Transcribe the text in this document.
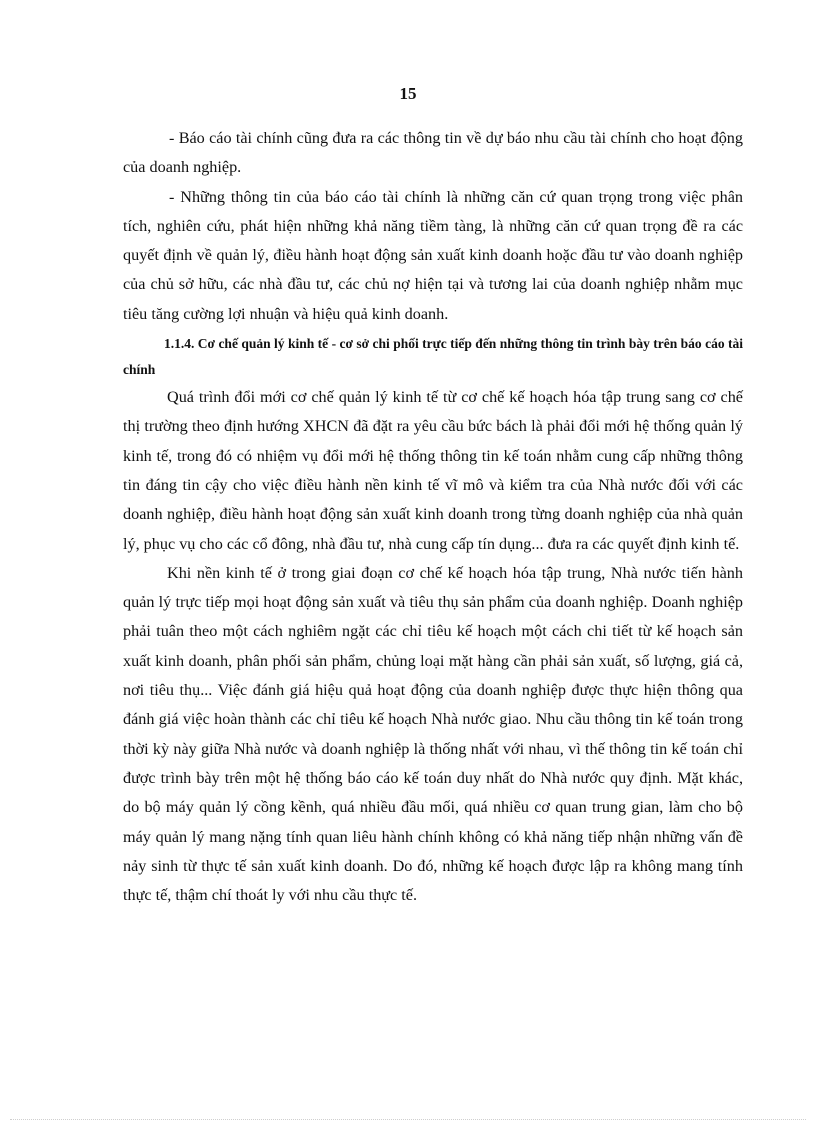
15

- Báo cáo tài chính cũng đưa ra các thông tin về dự báo nhu cầu tài chính cho hoạt động của doanh nghiệp.

- Những thông tin của báo cáo tài chính là những căn cứ quan trọng trong việc phân tích, nghiên cứu, phát hiện những khả năng tiềm tàng, là những căn cứ quan trọng đề ra các quyết định về quản lý, điều hành hoạt động sản xuất kinh doanh hoặc đầu tư vào doanh nghiệp của chủ sở hữu, các nhà đầu tư, các chủ nợ hiện tại và tương lai của doanh nghiệp nhằm mục tiêu tăng cường lợi nhuận và hiệu quả kinh doanh.

1.1.4. Cơ chế quản lý kinh tế - cơ sở chi phối trực tiếp đến những thông tin trình bày trên báo cáo tài chính

Quá trình đổi mới cơ chế quản lý kinh tế từ cơ chế kế hoạch hóa tập trung sang cơ chế thị trường theo định hướng XHCN đã đặt ra yêu cầu bức bách là phải đổi mới hệ thống quản lý kinh tế, trong đó có nhiệm vụ đổi mới hệ thống thông tin kế toán nhằm cung cấp những thông tin đáng tin cậy cho việc điều hành nền kinh tế vĩ mô và kiểm tra của Nhà nước đối với các doanh nghiệp, điều hành hoạt động sản xuất kinh doanh trong từng doanh nghiệp của nhà quản lý, phục vụ cho các cổ đông, nhà đầu tư, nhà cung cấp tín dụng... đưa ra các quyết định kinh tế.

Khi nền kinh tế ở trong giai đoạn cơ chế kế hoạch hóa tập trung, Nhà nước tiến hành quản lý trực tiếp mọi hoạt động sản xuất và tiêu thụ sản phẩm của doanh nghiệp. Doanh nghiệp phải tuân theo một cách nghiêm ngặt các chỉ tiêu kế hoạch một cách chi tiết từ kế hoạch sản xuất kinh doanh, phân phối sản phẩm, chủng loại mặt hàng cần phải sản xuất, số lượng, giá cả, nơi tiêu thụ... Việc đánh giá hiệu quả hoạt động của doanh nghiệp được thực hiện thông qua đánh giá việc hoàn thành các chỉ tiêu kế hoạch Nhà nước giao. Nhu cầu thông tin kế toán trong thời kỳ này giữa Nhà nước và doanh nghiệp là thống nhất với nhau, vì thế thông tin kế toán chỉ được trình bày trên một hệ thống báo cáo kế toán duy nhất do Nhà nước quy định. Mặt khác, do bộ máy quản lý cồng kềnh, quá nhiều đầu mối, quá nhiều cơ quan trung gian, làm cho bộ máy quản lý mang nặng tính quan liêu hành chính không có khả năng tiếp nhận những vấn đề nảy sinh từ thực tế sản xuất kinh doanh. Do đó, những kế hoạch được lập ra không mang tính thực tế, thậm chí thoát ly với nhu cầu thực tế.
